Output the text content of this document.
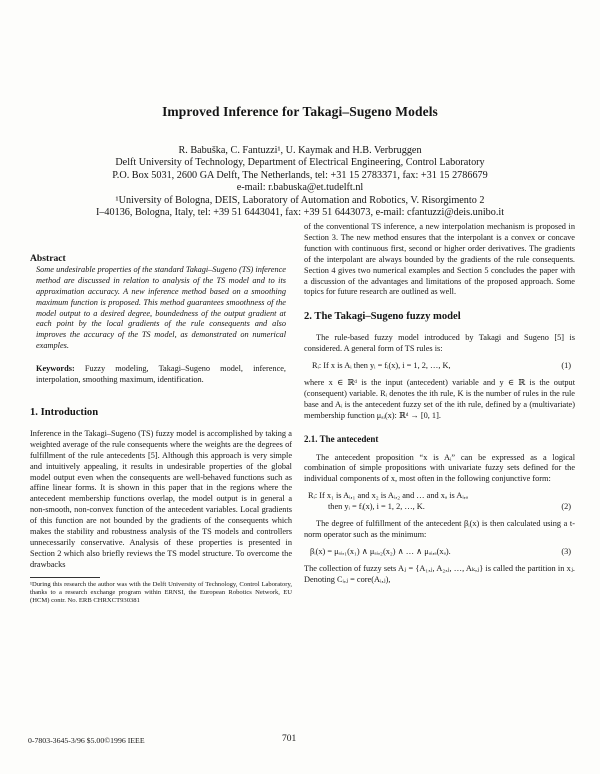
Improved Inference for Takagi–Sugeno Models
R. Babuška, C. Fantuzzi¹, U. Kaymak and H.B. Verbruggen
Delft University of Technology, Department of Electrical Engineering, Control Laboratory
P.O. Box 5031, 2600 GA Delft, The Netherlands, tel: +31 15 2783371, fax: +31 15 2786679
e-mail: r.babuska@et.tudelft.nl
¹University of Bologna, DEIS, Laboratory of Automation and Robotics, V. Risorgimento 2
I–40136, Bologna, Italy, tel: +39 51 6443041, fax: +39 51 6443073, e-mail: cfantuzzi@deis.unibo.it

Abstract

Some undesirable properties of the standard Takagi–Sugeno (TS) inference method are discussed in relation to analysis of the TS model and to its approximation accuracy. A new inference method based on a smoothing maximum function is proposed. This method guarantees smoothness of the model output to a desired degree, boundedness of the output gradient at each point by the local gradients of the rule consequents and also improves the accuracy of the TS model, as demonstrated on numerical examples.

Keywords: Fuzzy modeling, Takagi–Sugeno model, inference, interpolation, smoothing maximum, identification.

1. Introduction

Inference in the Takagi–Sugeno (TS) fuzzy model is accomplished by taking a weighted average of the rule consequents where the weights are the degrees of fulfillment of the rule antecedents [5]. Although this approach is very simple and intuitively appealing, it results in undesirable properties of the global model output even when the consequents are well-behaved functions such as affine linear forms. It is shown in this paper that in the regions where the antecedent membership functions overlap, the model output is in general a non-smooth, non-convex function of the antecedent variables. Local gradients of this function are not bounded by the gradients of the consequents which makes the stability and robustness analysis of the TS models and controllers unnecessarily conservative. Analysis of these properties is presented in Section 2 which also briefly reviews the TS model structure. To overcome the drawbacks

¹During this research the author was with the Delft University of Technology, Control Laboratory, thanks to a research exchange program within ERNSI, the European Robotics Network, EU (HCM) contr. No. ERB CHRXCT930381

of the conventional TS inference, a new interpolation mechanism is proposed in Section 3. The new method ensures that the interpolant is a convex or concave function with continuous first, second or higher order derivatives. The gradients of the interpolant are always bounded by the gradients of the rule consequents. Section 4 gives two numerical examples and Section 5 concludes the paper with a discussion of the advantages and limitations of the proposed approach. Some topics for future research are outlined as well.

2. The Takagi–Sugeno fuzzy model

The rule-based fuzzy model introduced by Takagi and Sugeno [5] is considered. A general form of TS rules is:

Rᵢ: If x is Aᵢ then yᵢ = fᵢ(x), i = 1, 2, …, K,	(1)

where x ∈ ℝᵈ is the input (antecedent) variable and y ∈ ℝ is the output (consequent) variable. Rᵢ denotes the ith rule, K is the number of rules in the rule base and Aᵢ is the antecedent fuzzy set of the ith rule, defined by a (multivariate) membership function μₐᵢ(x): ℝᵈ → [0, 1].

2.1. The antecedent

The antecedent proposition “x is Aᵢ” can be expressed as a logical combination of simple propositions with univariate fuzzy sets defined for the individual components of x, most often in the following conjunctive form:

Rᵢ: If x₁ is Aᵢ,₁ and x₂ is Aᵢ,₂ and … and xₐ is Aᵢ,ₐ
then yᵢ = fᵢ(x), i = 1, 2, …, K.	(2)

The degree of fulfillment of the antecedent βᵢ(x) is then calculated using a t-norm operator such as the minimum:

βᵢ(x) = μₐᵢ,₁(x₁) ∧ μₐᵢ,₂(x₂) ∧ … ∧ μₐᵢ,ₐ(xₐ).	(3)

The collection of fuzzy sets Aⱼ = {A₁,ⱼ, A₂,ⱼ, …, Aₖ,ⱼ} is called the partition in xⱼ. Denoting Cᵢ,ⱼ = core(Aᵢ,ⱼ),

0-7803-3645-3/96 $5.00©1996 IEEE	701
